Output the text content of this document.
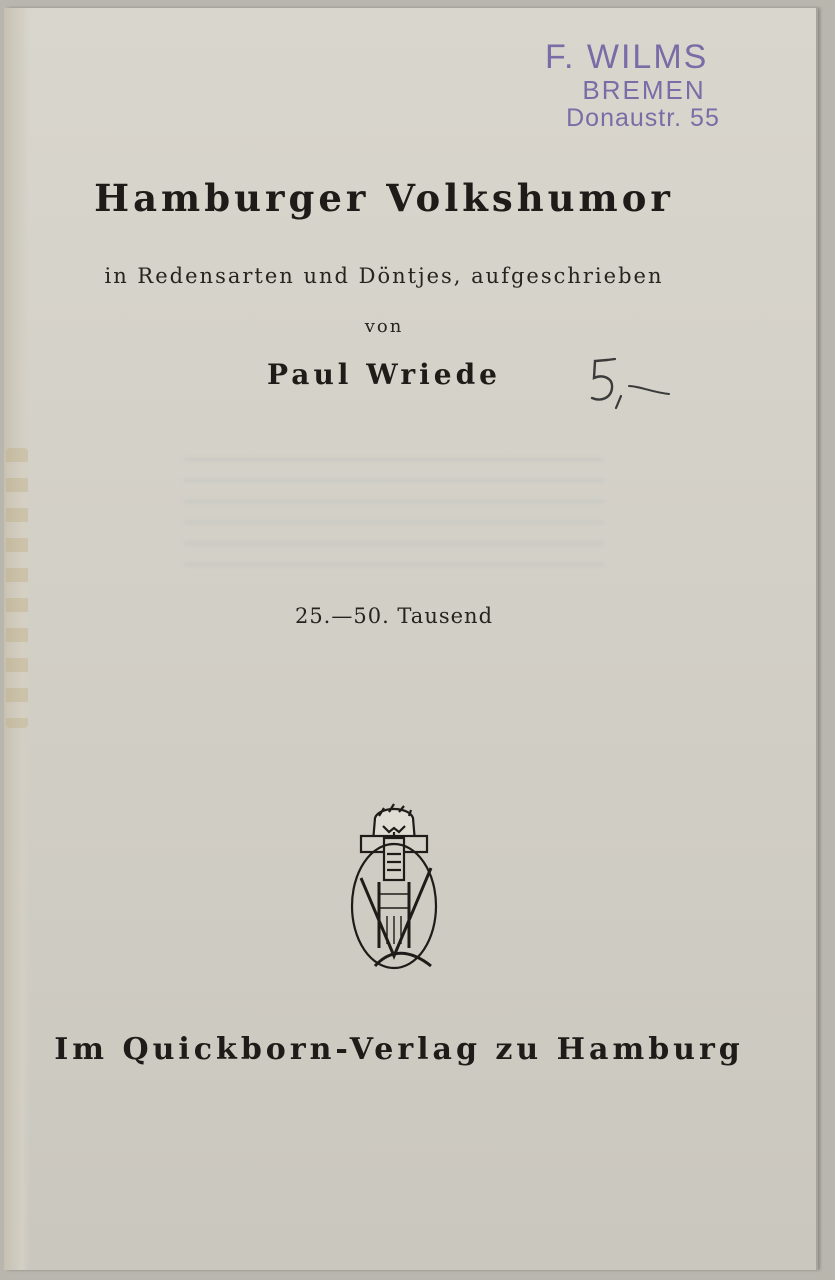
F. WILMS
BREMEN
Donaustr. 55
Hamburger Volkshumor
in Redensarten und Döntjes, aufgeschrieben
von
Paul Wriede
25.—50. Tausend
Im Quickborn-Verlag zu Hamburg
